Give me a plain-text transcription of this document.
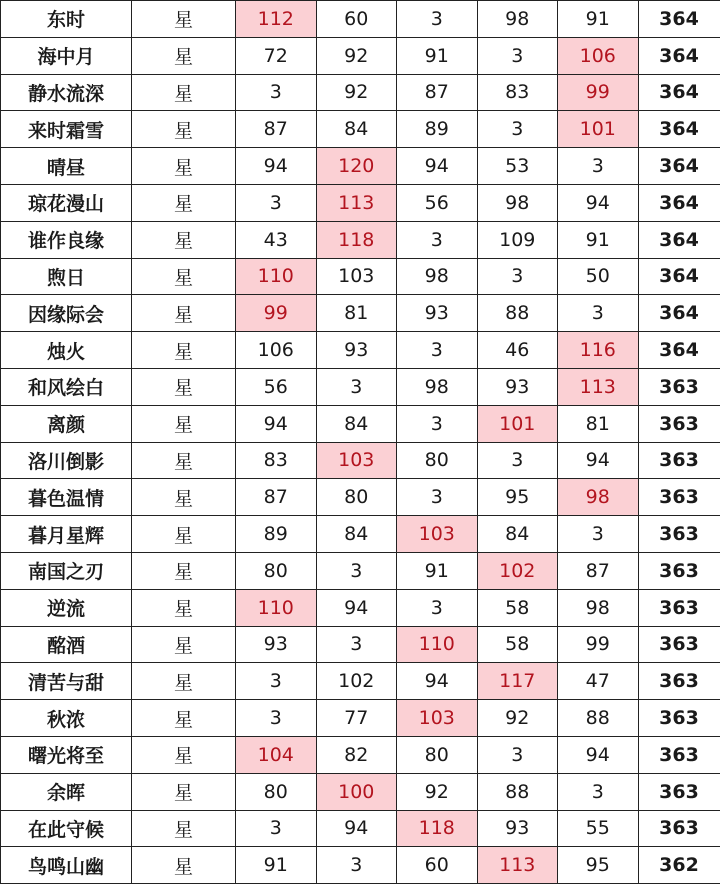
东时	星	112	60	3	98	91	364
海中月	星	72	92	91	3	106	364
静水流深	星	3	92	87	83	99	364
来时霜雪	星	87	84	89	3	101	364
晴昼	星	94	120	94	53	3	364
琼花漫山	星	3	113	56	98	94	364
谁作良缘	星	43	118	3	109	91	364
煦日	星	110	103	98	3	50	364
因缘际会	星	99	81	93	88	3	364
烛火	星	106	93	3	46	116	364
和风绘白	星	56	3	98	93	113	363
离颜	星	94	84	3	101	81	363
洛川倒影	星	83	103	80	3	94	363
暮色温情	星	87	80	3	95	98	363
暮月星辉	星	89	84	103	84	3	363
南国之刃	星	80	3	91	102	87	363
逆流	星	110	94	3	58	98	363
酩酒	星	93	3	110	58	99	363
清苦与甜	星	3	102	94	117	47	363
秋浓	星	3	77	103	92	88	363
曙光将至	星	104	82	80	3	94	363
余晖	星	80	100	92	88	3	363
在此守候	星	3	94	118	93	55	363
鸟鸣山幽	星	91	3	60	113	95	362
